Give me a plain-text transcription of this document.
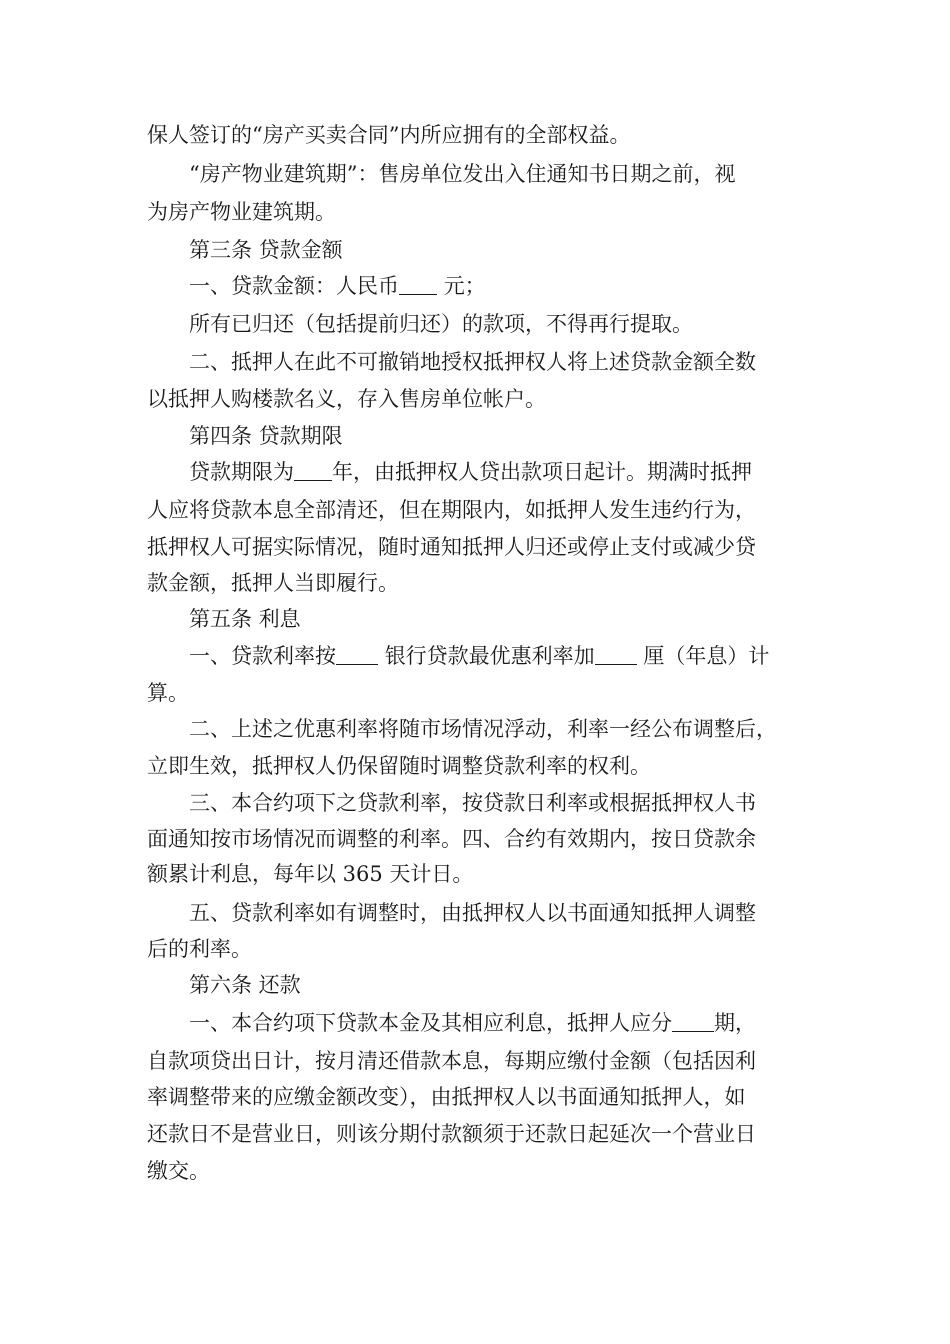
保人签订的“房产买卖合同”内所应拥有的全部权益。
“房产物业建筑期”：售房单位发出入住通知书日期之前，视
为房产物业建筑期。
第三条 贷款金额
一、贷款金额：人民币 元；
所有已归还（包括提前归还）的款项，不得再行提取。
二、抵押人在此不可撤销地授权抵押权人将上述贷款金额全数
以抵押人购楼款名义，存入售房单位帐户。
第四条 贷款期限
贷款期限为 年，由抵押权人贷出款项日起计。期满时抵押
人应将贷款本息全部清还，但在期限内，如抵押人发生违约行为，
抵押权人可据实际情况，随时通知抵押人归还或停止支付或减少贷
款金额，抵押人当即履行。
第五条 利息
一、贷款利率按 银行贷款最优惠利率加 厘（年息）计
算。
二、上述之优惠利率将随市场情况浮动，利率一经公布调整后，
立即生效，抵押权人仍保留随时调整贷款利率的权利。
三、本合约项下之贷款利率，按贷款日利率或根据抵押权人书
面通知按市场情况而调整的利率。四、合约有效期内，按日贷款余
额累计利息，每年以 365 天计日。
五、贷款利率如有调整时，由抵押权人以书面通知抵押人调整
后的利率。
第六条 还款
一、本合约项下贷款本金及其相应利息，抵押人应分 期，
自款项贷出日计，按月清还借款本息，每期应缴付金额（包括因利
率调整带来的应缴金额改变），由抵押权人以书面通知抵押人，如
还款日不是营业日，则该分期付款额须于还款日起延次一个营业日
缴交。
